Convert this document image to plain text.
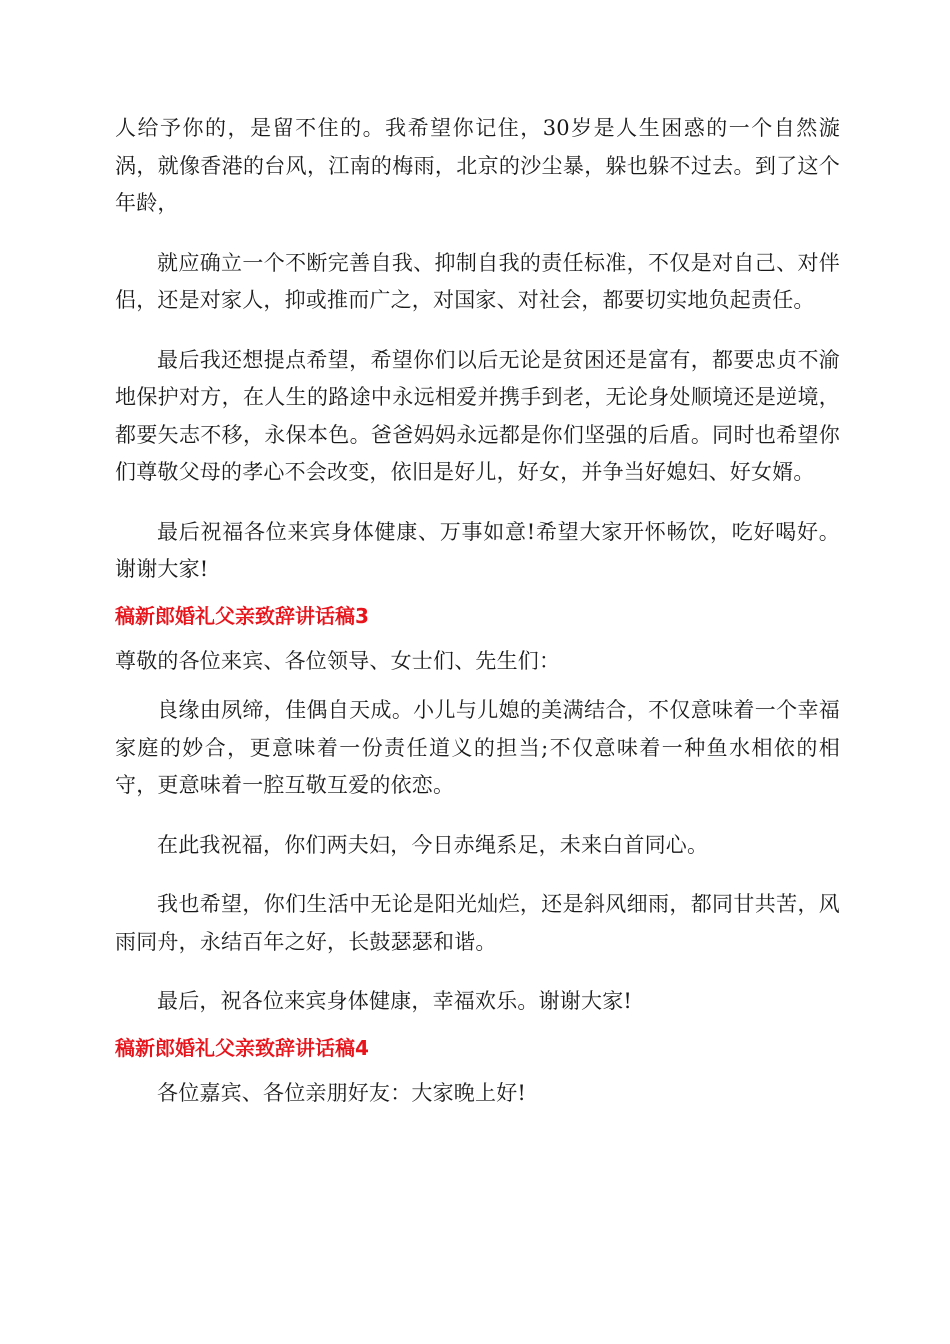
人给予你的，是留不住的。我希望你记住，30岁是人生困惑的一个自然漩涡，就像香港的台风，江南的梅雨，北京的沙尘暴，躲也躲不过去。到了这个年龄，

就应确立一个不断完善自我、抑制自我的责任标准，不仅是对自己、对伴侣，还是对家人，抑或推而广之，对国家、对社会，都要切实地负起责任。

最后我还想提点希望，希望你们以后无论是贫困还是富有，都要忠贞不渝地保护对方，在人生的路途中永远相爱并携手到老，无论身处顺境还是逆境，都要矢志不移，永保本色。爸爸妈妈永远都是你们坚强的后盾。同时也希望你们尊敬父母的孝心不会改变，依旧是好儿，好女，并争当好媳妇、好女婿。

最后祝福各位来宾身体健康、万事如意!希望大家开怀畅饮，吃好喝好。谢谢大家!

稿新郎婚礼父亲致辞讲话稿3

尊敬的各位来宾、各位领导、女士们、先生们：

良缘由夙缔，佳偶自天成。小儿与儿媳的美满结合，不仅意味着一个幸福家庭的妙合，更意味着一份责任道义的担当;不仅意味着一种鱼水相依的相守，更意味着一腔互敬互爱的依恋。

在此我祝福，你们两夫妇，今日赤绳系足，未来白首同心。

我也希望，你们生活中无论是阳光灿烂，还是斜风细雨，都同甘共苦，风雨同舟，永结百年之好，长鼓瑟瑟和谐。

最后，祝各位来宾身体健康，幸福欢乐。谢谢大家!

稿新郎婚礼父亲致辞讲话稿4

各位嘉宾、各位亲朋好友：大家晚上好!
